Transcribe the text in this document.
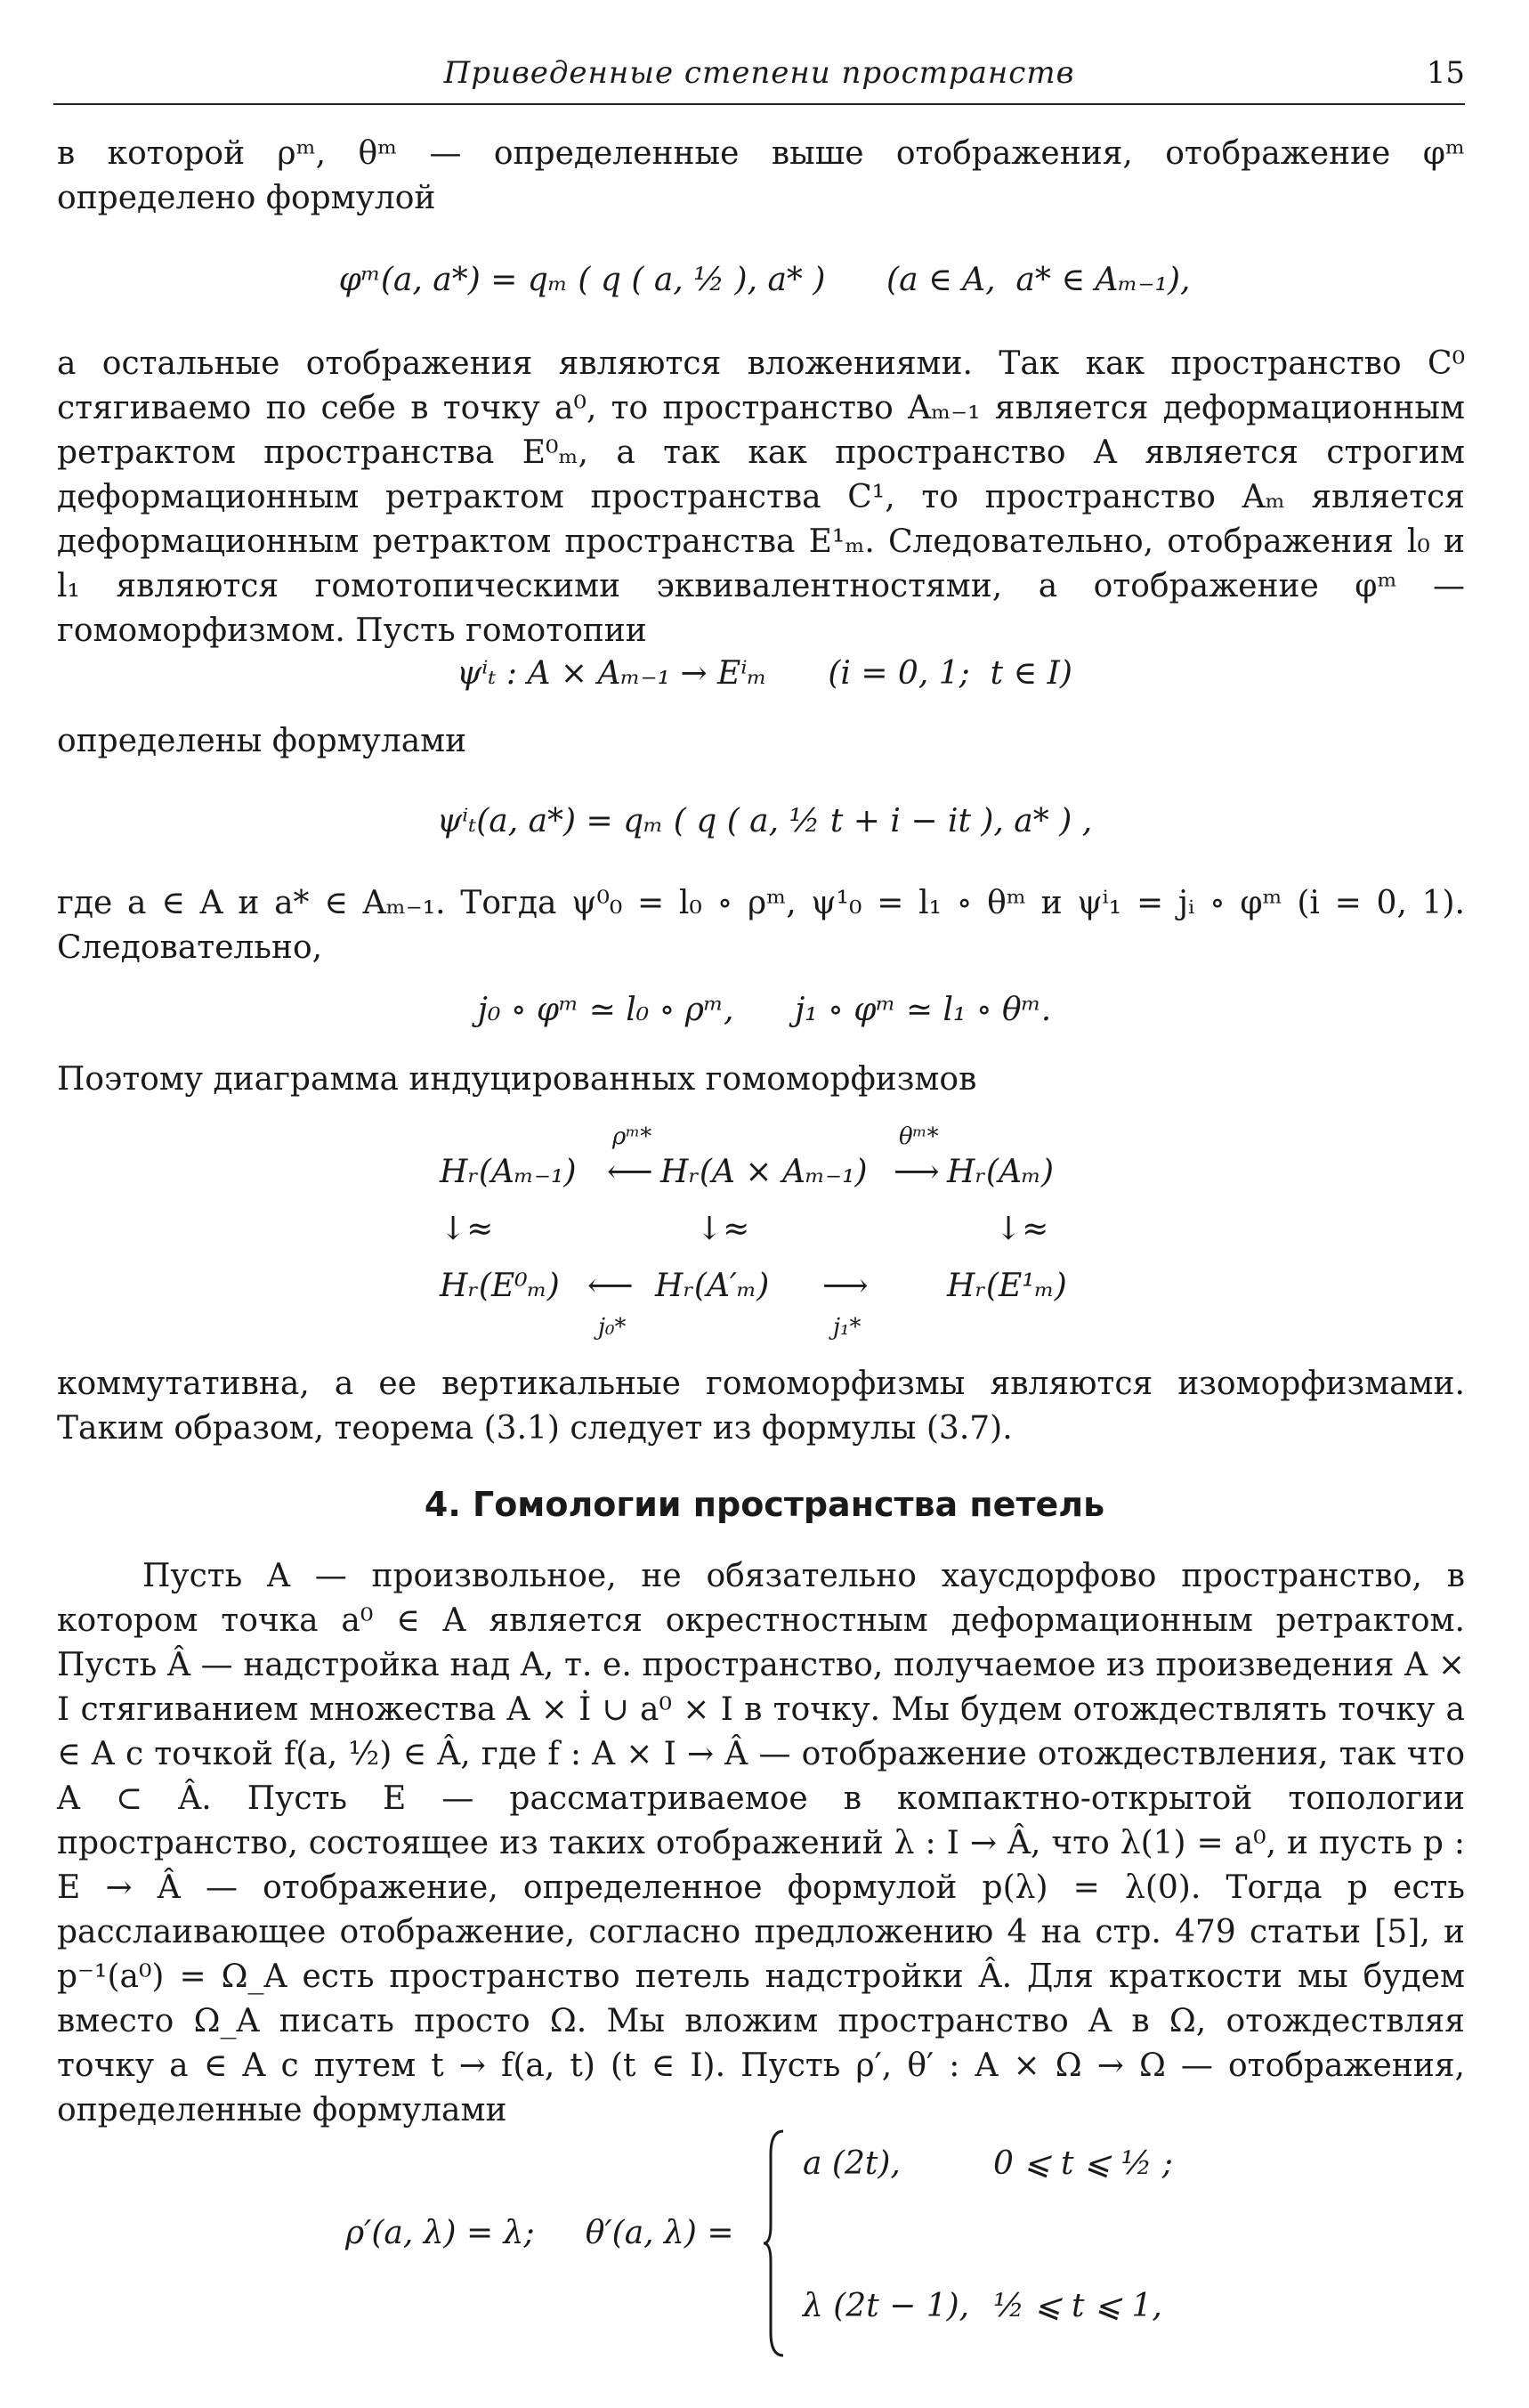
Приведенные степени пространств	15
в которой ρᵐ, θᵐ — определенные выше отображения, отображение φᵐ определено формулой
φᵐ(a, a*) = qₘ ( q ( a, ½ ), a* )      (a ∈ A,  a* ∈ Aₘ₋₁),
а остальные отображения являются вложениями. Так как пространство C⁰ стягиваемо по себе в точку a⁰, то пространство Aₘ₋₁ является деформационным ретрактом пространства E⁰ₘ, а так как пространство A является строгим деформационным ретрактом пространства C¹, то пространство Aₘ является деформационным ретрактом пространства E¹ₘ. Следовательно, отображения l₀ и l₁ являются гомотопическими эквивалентностями, а отображение φᵐ — гомоморфизмом. Пусть гомотопии
ψⁱₜ : A × Aₘ₋₁ → Eⁱₘ      (i = 0, 1;  t ∈ I)
определены формулами
ψⁱₜ(a, a*) = qₘ ( q ( a, ½ t + i − it ), a* ) ,
где a ∈ A и a* ∈ Aₘ₋₁. Тогда ψ⁰₀ = l₀ ∘ ρᵐ, ψ¹₀ = l₁ ∘ θᵐ и ψⁱ₁ = jᵢ ∘ φᵐ (i = 0, 1). Следовательно,
j₀ ∘ φᵐ ≃ l₀ ∘ ρᵐ,      j₁ ∘ φᵐ ≃ l₁ ∘ θᵐ.
Поэтому диаграмма индуцированных гомоморфизмов
ρᵐ*	θᵐ*
Hᵣ(Aₘ₋₁) ⟵ Hᵣ(A × Aₘ₋₁) ⟶ Hᵣ(Aₘ)
↓≈	↓≈	↓≈
Hᵣ(E⁰ₘ) ⟵ Hᵣ(A′ₘ) ⟶ Hᵣ(E¹ₘ)
j₀*	j₁*
коммутативна, а ее вертикальные гомоморфизмы являются изоморфизмами. Таким образом, теорема (3.1) следует из формулы (3.7).
4. Гомологии пространства петель
Пусть A — произвольное, не обязательно хаусдорфово пространство, в котором точка a⁰ ∈ A является окрестностным деформационным ретрактом. Пусть Â — надстройка над A, т. е. пространство, получаемое из произведения A × I стягиванием множества A × İ ∪ a⁰ × I в точку. Мы будем отождествлять точку a ∈ A с точкой f(a, ½) ∈ Â, где f : A × I → Â — отображение отождествления, так что A ⊂ Â. Пусть E — рассматриваемое в компактно-открытой топологии пространство, состоящее из таких отображений λ : I → Â, что λ(1) = a⁰, и пусть p : E → Â — отображение, определенное формулой p(λ) = λ(0). Тогда p есть расслаивающее отображение, согласно предложению 4 на стр. 479 статьи [5], и p⁻¹(a⁰) = Ω_A есть пространство петель надстройки Â. Для краткости мы будем вместо Ω_A писать просто Ω. Мы вложим пространство A в Ω, отождествляя точку a ∈ A с путем t → f(a, t) (t ∈ I). Пусть ρ′, θ′ : A × Ω → Ω — отображения, определенные формулами
ρ′(a, λ) = λ;     θ′(a, λ) =
a (2t),	0 ⩽ t ⩽ ½ ;
λ (2t − 1), ½ ⩽ t ⩽ 1,
